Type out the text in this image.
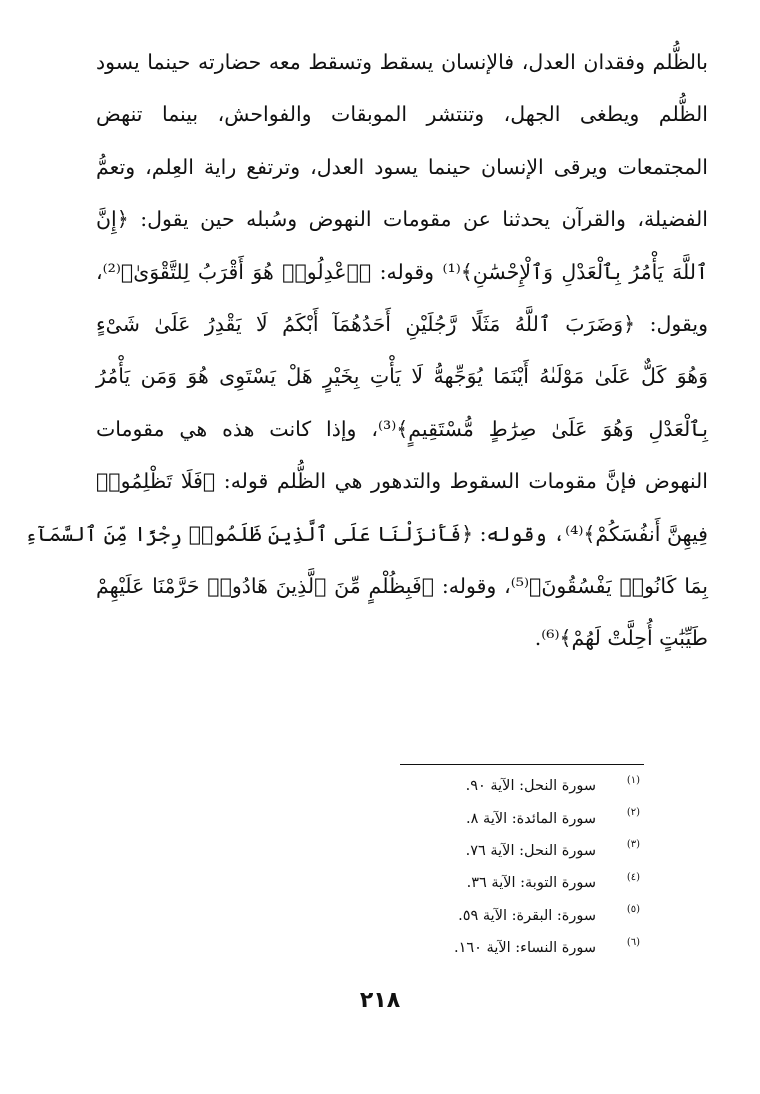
بالظُّلم وفقدان العدل، فالإنسان يسقط وتسقط معه حضارته حينما يسود
الظُّلم ويطغى الجهل، وتنتشر الموبقات والفواحش، بينما تنهض
المجتمعات ويرقى الإنسان حينما يسود العدل، وترتفع راية العِلم، وتعمُّ
الفضيلة، والقرآن يحدثنا عن مقومات النهوض وسُبله حين يقول: ﴿إِنَّ
ٱللَّهَ يَأْمُرُ بِٱلْعَدْلِ وَٱلْإِحْسَٰنِ﴾⁽¹⁾ وقوله: ﴿ٱعْدِلُوا۟ هُوَ أَقْرَبُ لِلتَّقْوَىٰ﴾⁽²⁾،
ويقول: ﴿وَضَرَبَ ٱللَّهُ مَثَلًا رَّجُلَيْنِ أَحَدُهُمَآ أَبْكَمُ لَا يَقْدِرُ عَلَىٰ شَىْءٍ
وَهُوَ كَلٌّ عَلَىٰ مَوْلَىٰهُ أَيْنَمَا يُوَجِّههُّ لَا يَأْتِ بِخَيْرٍ هَلْ يَسْتَوِى هُوَ وَمَن يَأْمُرُ
بِٱلْعَدْلِ وَهُوَ عَلَىٰ صِرَٰطٍ مُّسْتَقِيمٍ﴾⁽³⁾، وإذا كانت هذه هي مقومات
النهوض فإنَّ مقومات السقوط والتدهور هي الظُّلم قوله: ﴿فَلَا تَظْلِمُوا۟
فِيهِنَّ أَنفُسَكُمْ﴾⁽⁴⁾، وقوله: ﴿فَأَنزَلْنَا عَلَى ٱلَّذِينَ ظَلَمُوا۟ رِجْزًا مِّنَ ٱلسَّمَآءِ
بِمَا كَانُوا۟ يَفْسُقُونَ﴾⁽⁵⁾، وقوله: ﴿فَبِظُلْمٍ مِّنَ ٱلَّذِينَ هَادُوا۟ حَرَّمْنَا عَلَيْهِمْ
طَيِّبَٰتٍ أُحِلَّتْ لَهُمْ﴾⁽⁶⁾.
(١)
سورة النحل: الآية ٩٠.
(٢)
سورة المائدة: الآية ٨.
(٣)
سورة النحل: الآية ٧٦.
(٤)
سورة التوبة: الآية ٣٦.
(٥)
سورة: البقرة: الآية ٥٩.
(٦)
سورة النساء: الآية ١٦٠.
٢١٨
